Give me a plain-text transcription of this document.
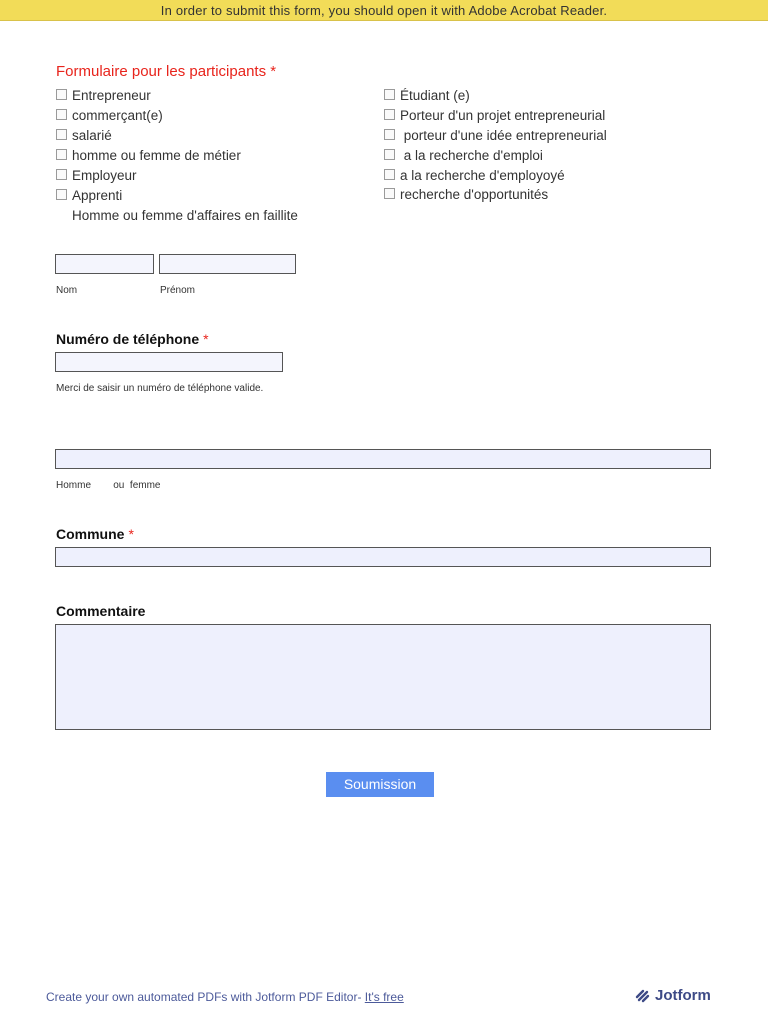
In order to submit this form, you should open it with Adobe Acrobat Reader.
Formulaire pour les participants *
Entrepreneur
commerçant(e)
salarié
homme ou femme de métier
Employeur
Apprenti
Homme ou femme d'affaires en faillite
Étudiant (e)
Porteur d'un projet entrepreneurial
porteur d'une idée entrepreneurial
a la recherche d'emploi
a la recherche d'employoyé
recherche d'opportunités
Nom	Prénom
Numéro de téléphone *
Merci de saisir un numéro de téléphone valide.
Homme        ou  femme
Commune *
Commentaire
Soumission
Create your own automated PDFs with Jotform PDF Editor- It's free	Jotform
